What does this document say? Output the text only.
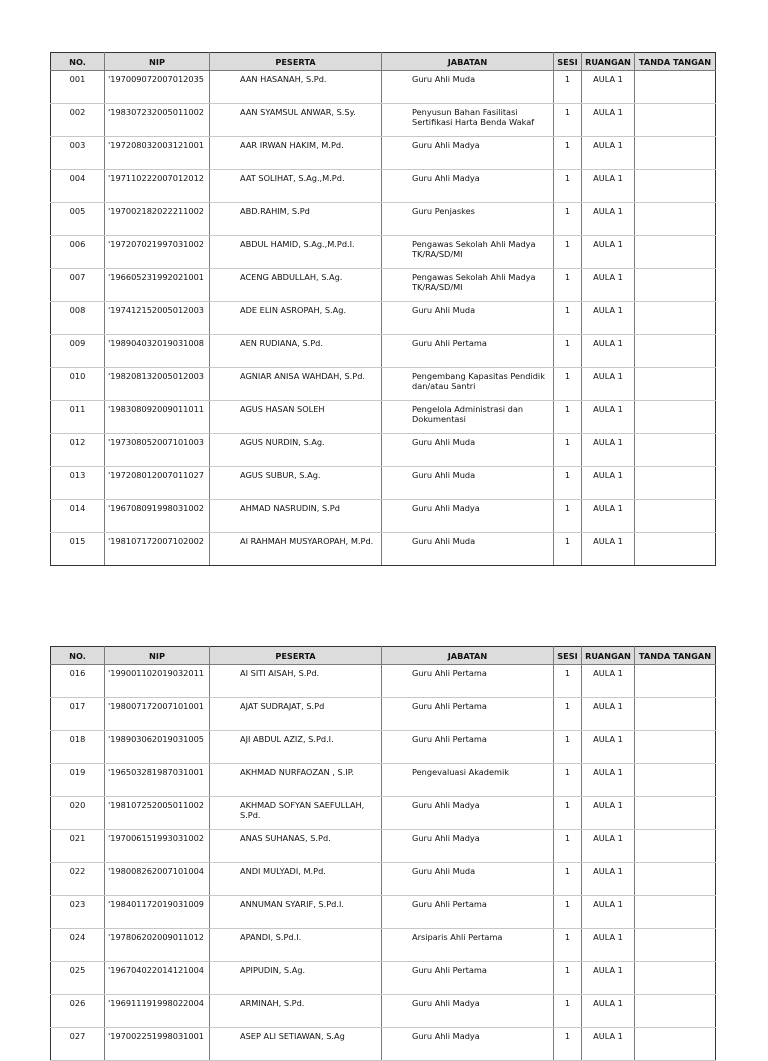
NO.	NIP	PESERTA	JABATAN	SESI	RUANGAN	TANDA TANGAN
001	'197009072007012035	AAN HASANAH, S.Pd.	Guru Ahli Muda	1	AULA 1	
002	'198307232005011002	AAN SYAMSUL ANWAR, S.Sy.	Penyusun Bahan Fasilitasi Sertifikasi Harta Benda Wakaf	1	AULA 1	
003	'197208032003121001	AAR IRWAN HAKIM, M.Pd.	Guru Ahli Madya	1	AULA 1	
004	'197110222007012012	AAT SOLIHAT, S.Ag.,M.Pd.	Guru Ahli Madya	1	AULA 1	
005	'197002182022211002	ABD.RAHIM, S.Pd	Guru Penjaskes	1	AULA 1	
006	'197207021997031002	ABDUL HAMID, S.Ag.,M.Pd.I.	Pengawas Sekolah Ahli Madya TK/RA/SD/MI	1	AULA 1	
007	'196605231992021001	ACENG ABDULLAH, S.Ag.	Pengawas Sekolah Ahli Madya TK/RA/SD/MI	1	AULA 1	
008	'197412152005012003	ADE ELIN ASROPAH, S.Ag.	Guru Ahli Muda	1	AULA 1	
009	'198904032019031008	AEN RUDIANA, S.Pd.	Guru Ahli Pertama	1	AULA 1	
010	'198208132005012003	AGNIAR ANISA WAHDAH, S.Pd.	Pengembang Kapasitas Pendidik dan/atau Santri	1	AULA 1	
011	'198308092009011011	AGUS HASAN SOLEH	Pengelola Administrasi dan Dokumentasi	1	AULA 1	
012	'197308052007101003	AGUS NURDIN, S.Ag.	Guru Ahli Muda	1	AULA 1	
013	'197208012007011027	AGUS SUBUR, S.Ag.	Guru Ahli Muda	1	AULA 1	
014	'196708091998031002	AHMAD NASRUDIN, S.Pd	Guru Ahli Madya	1	AULA 1	
015	'198107172007102002	AI RAHMAH MUSYAROPAH, M.Pd.	Guru Ahli Muda	1	AULA 1	
NO.	NIP	PESERTA	JABATAN	SESI	RUANGAN	TANDA TANGAN
016	'199001102019032011	AI SITI AISAH, S.Pd.	Guru Ahli Pertama	1	AULA 1	
017	'198007172007101001	AJAT SUDRAJAT, S.Pd	Guru Ahli Pertama	1	AULA 1	
018	'198903062019031005	AJI ABDUL AZIZ, S.Pd.I.	Guru Ahli Pertama	1	AULA 1	
019	'196503281987031001	AKHMAD NURFAOZAN , S.IP.	Pengevaluasi Akademik	1	AULA 1	
020	'198107252005011002	AKHMAD SOFYAN SAEFULLAH, S.Pd.	Guru Ahli Madya	1	AULA 1	
021	'197006151993031002	ANAS SUHANAS, S.Pd.	Guru Ahli Madya	1	AULA 1	
022	'198008262007101004	ANDI MULYADI, M.Pd.	Guru Ahli Muda	1	AULA 1	
023	'198401172019031009	ANNUMAN SYARIF, S.Pd.I.	Guru Ahli Pertama	1	AULA 1	
024	'197806202009011012	APANDI, S.Pd.I.	Arsiparis Ahli Pertama	1	AULA 1	
025	'196704022014121004	APIPUDIN, S.Ag.	Guru Ahli Pertama	1	AULA 1	
026	'196911191998022004	ARMINAH, S.Pd.	Guru Ahli Madya	1	AULA 1	
027	'197002251998031001	ASEP ALI SETIAWAN, S.Ag	Guru Ahli Madya	1	AULA 1	
